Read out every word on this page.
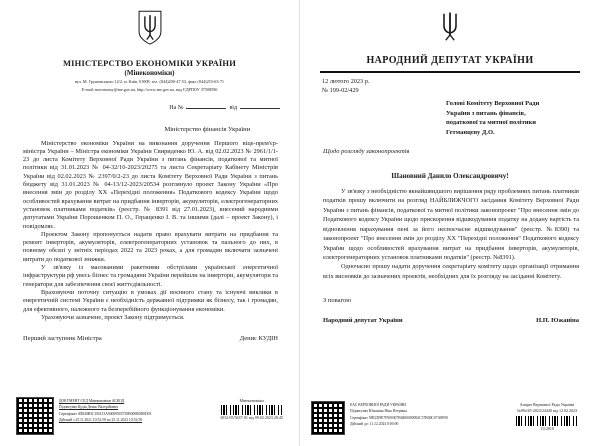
МІНІСТЕРСТВО ЕКОНОМІКИ УКРАЇНИ
(Мінекономіки)
вул. М. Грушевського 12/2, м. Київ, 01008, тел. (044)200-47-53, факс (044)253-63-71
E-mail: meconomy@me.gov.ua, http://www.me.gov.ua, код ЄДРПОУ 37508596
На №	від
Міністерство фінансів України

Міністерство економіки України на виконання доручення Першого віце-прем'єр-міністра України – Міністра економіки України Свириденко Ю. А. від 02.02.2023 № 2961/1/1-23 до листа Комітету Верховної Ради України з питань фінансів, податкової та митної політики від 31.01.2023 № 04-32/10-2023/20275 та листа Секретаріату Кабінету Міністрів України від 02.02.2023 № 2397/0/2-23 до листа Комітету Верховної Ради України з питань бюджету від 31.01.2023 № 04-13/12-2023/20534 розглянуло проект Закону України «Про внесення змін до розділу XX «Перехідні положення» Податкового кодексу України щодо особливостей врахування витрат на придбання інверторів, акумуляторів, електрогенераторних установок платниками податків» (реєстр. № 8391 від 27.01.2023), внесений народними депутатами України Порошенком П. О., Геращенко І. В. та іншими (далі – проект Закону), і повідомляє.

Проектом Закону пропонується надати право врахувати витрати на придбання та ремонт інверторів, акумуляторів, електрогенераторних установок та пального до них, в повному обсязі у звітніх періодах 2022 та 2023 роках, а для громадян включати зазначені витрати до податкової знижки.

У зв'язку із масованими ракетними обстрілами української енергетичної інфраструктури рф увесь бізнес та громадяни України перейшли на інвертори, акумулятори та генератори для забезпечення своєї життєдіяльності.

Враховуючи поточну ситуацію в умовах дії воєнного стану та існуючі виклики в енергетичній системі України є необхідність державної підтримки як бізнесу, так і громадян, для ефективного, належного та безперебійного функціонування економіки.

Ураховуючи зазначене, проект Закону підтримується.

Перший заступник Міністра	Денис КУДІН
ДОКУМЕНТ СЕД Мінекономіки АСКОД
Підписувач Кудін Денис Валерійович
Сертифікат 40D40B3C1BA13A94000005750B000B0D0D03
Дійсний з 25.11.2021 10:52:58 по 25.11.2023 10:52:58
Мінекономіки
3032-05/5637-01 від 09.02.2023 20:45
НАРОДНИЙ ДЕПУТАТ УКРАЇНИ
12 лютого 2023 р.
№ 199-02/429
Голові Комітету Верховної Ради
України з питань фінансів,
податкової та митної політики
Гетманцеву Д.О.
Щодо розгляду законопроектів
Шановний Данило Олександровичу!

У зв'язку з необхідністю якнайшвидшого вирішення ряду проблемних питань платників податків прошу включити на розгляд НАЙБЛИЖЧОГО засідання Комітету Верховної Ради України з питань фінансів, податкової та митної політики законопроект "Про внесення змін до Податкового кодексу України щодо прискорення відшкодування податку на додану вартість та відновлення нарахування пені за його несвоєчасне відшкодування" (реєстр. №8390) та законопроект "Про внесення змін до розділу XX "Перехідні положення" Податкового кодексу України щодо особливостей врахування витрат на придбання інверторів, акумуляторів, електрогенераторних установок платниками податків" (реєстр. №8391).

Одночасно прошу надати доручення секретаріату комітету щодо організації отримання всіх висновків до зазначених проектів, необхідних для їх розгляду на засіданні Комітету.

З повагою
Народний депутат України	Н.П. Южаніна
ЕАС ВЕРХОВНОЇ РАДИ УКРАЇНИ
Підписувач Южаніна Ніна Петрівна
Сертифікат 58E2D9E7F900307B0400000092C57B00C07A8F00
Дійсний до: 11.12.2024 0:00:00
Апарат Верховної Ради України
№99з/45-2023/24440 від 12.02.2023
1112010
